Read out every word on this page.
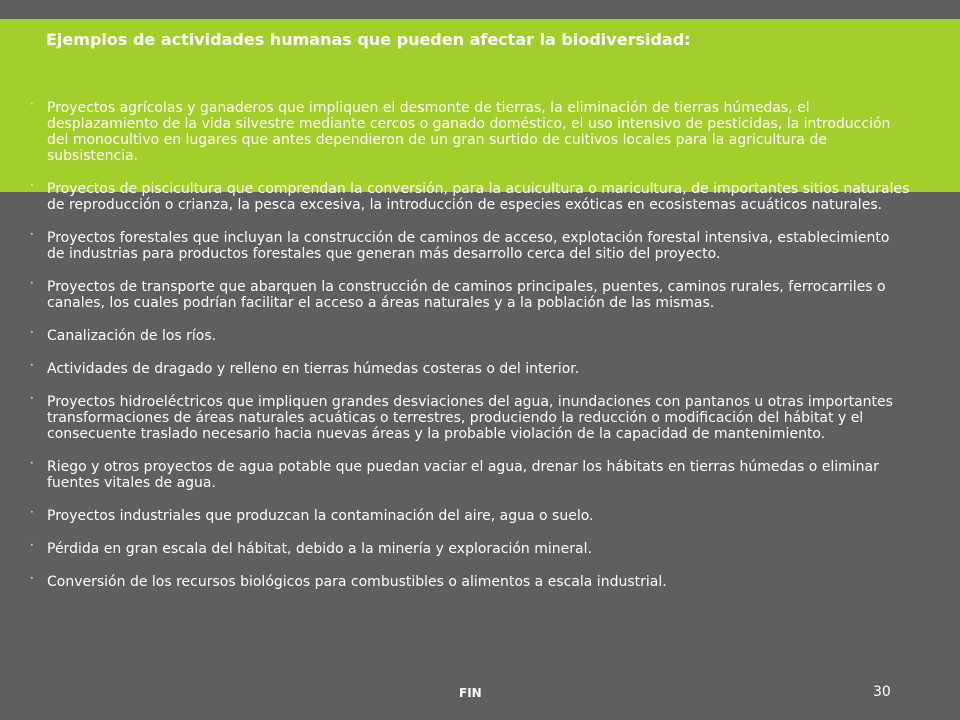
Ejemplos de actividades humanas que pueden afectar la biodiversidad:
· Proyectos agrícolas y ganaderos que impliquen el desmonte de tierras, la eliminación de tierras húmedas, el desplazamiento de la vida silvestre mediante cercos o ganado doméstico, el uso intensivo de pesticidas, la introducción del monocultivo en lugares que antes dependieron de un gran surtido de cultivos locales para la agricultura de subsistencia.
· Proyectos de piscicultura que comprendan la conversión, para la acuicultura o maricultura, de importantes sitios naturales de reproducción o crianza, la pesca excesiva, la introducción de especies exóticas en ecosistemas acuáticos naturales.
· Proyectos forestales que incluyan la construcción de caminos de acceso, explotación forestal intensiva, establecimiento de industrias para productos forestales que generan más desarrollo cerca del sitio del proyecto.
· Proyectos de transporte que abarquen la construcción de caminos principales, puentes, caminos rurales, ferrocarriles o canales, los cuales podrían facilitar el acceso a áreas naturales y a la población de las mismas.
· Canalización de los ríos.
· Actividades de dragado y relleno en tierras húmedas costeras o del interior.
· Proyectos hidroeléctricos que impliquen grandes desviaciones del agua, inundaciones con pantanos u otras importantes transformaciones de áreas naturales acuáticas o terrestres, produciendo la reducción o modificación del hábitat y el consecuente traslado necesario hacia nuevas áreas y la probable violación de la capacidad de mantenimiento.
· Riego y otros proyectos de agua potable que puedan vaciar el agua, drenar los hábitats en tierras húmedas o eliminar fuentes vitales de agua.
· Proyectos industriales que produzcan la contaminación del aire, agua o suelo.
· Pérdida en gran escala del hábitat, debido a la minería y exploración mineral.
· Conversión de los recursos biológicos para combustibles o alimentos a escala industrial.
FIN	30
